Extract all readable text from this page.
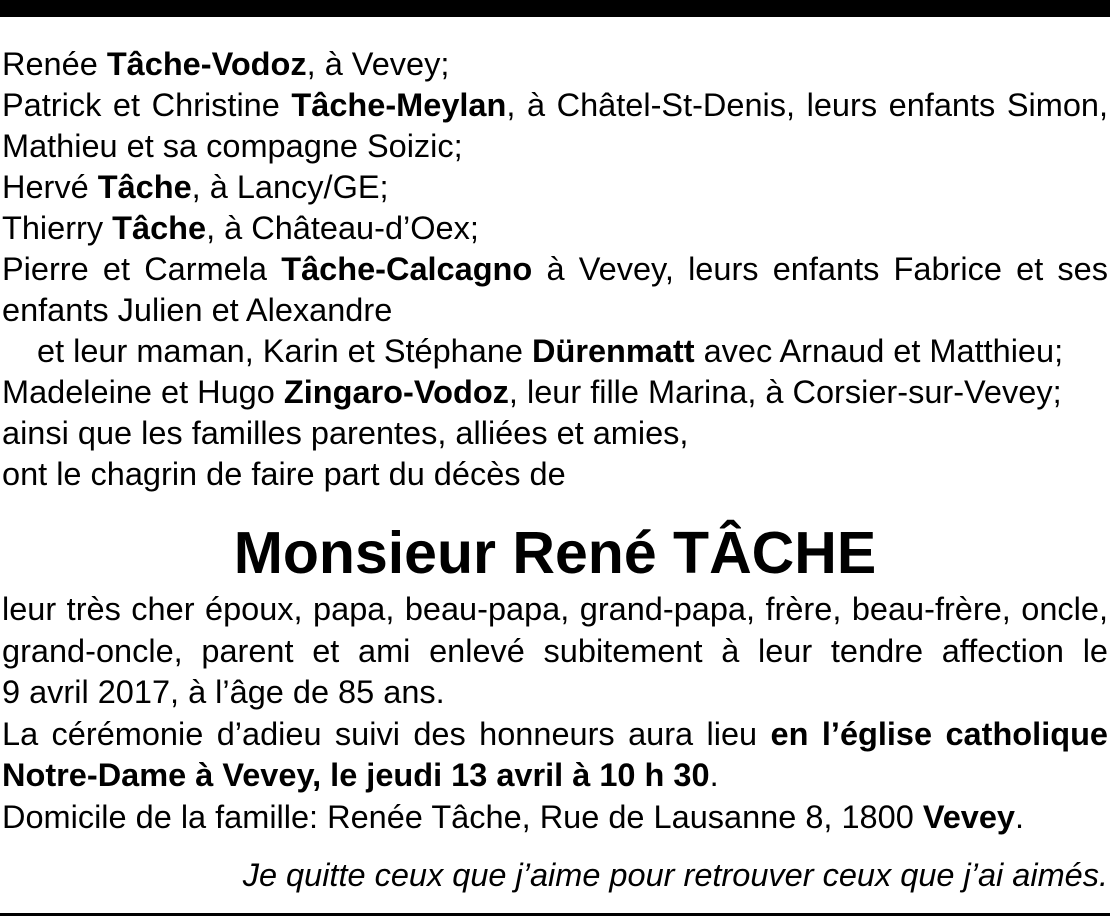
Renée Tâche-Vodoz, à Vevey;
Patrick et Christine Tâche-Meylan, à Châtel-St-Denis, leurs enfants Simon,
Mathieu et sa compagne Soizic;
Hervé Tâche, à Lancy/GE;
Thierry Tâche, à Château-d’Oex;
Pierre et Carmela Tâche-Calcagno à Vevey, leurs enfants Fabrice et ses
enfants Julien et Alexandre
et leur maman, Karin et Stéphane Dürenmatt avec Arnaud et Matthieu;
Madeleine et Hugo Zingaro-Vodoz, leur fille Marina, à Corsier-sur-Vevey;
ainsi que les familles parentes, alliées et amies,
ont le chagrin de faire part du décès de
Monsieur René TÂCHE
leur très cher époux, papa, beau-papa, grand-papa, frère, beau-frère, oncle,
grand-oncle, parent et ami enlevé subitement à leur tendre affection le
9 avril 2017, à l’âge de 85 ans.
La cérémonie d’adieu suivi des honneurs aura lieu en l’église catholique
Notre-Dame à Vevey, le jeudi 13 avril à 10 h 30.
Domicile de la famille: Renée Tâche, Rue de Lausanne 8, 1800 Vevey.
Je quitte ceux que j’aime pour retrouver ceux que j’ai aimés.
